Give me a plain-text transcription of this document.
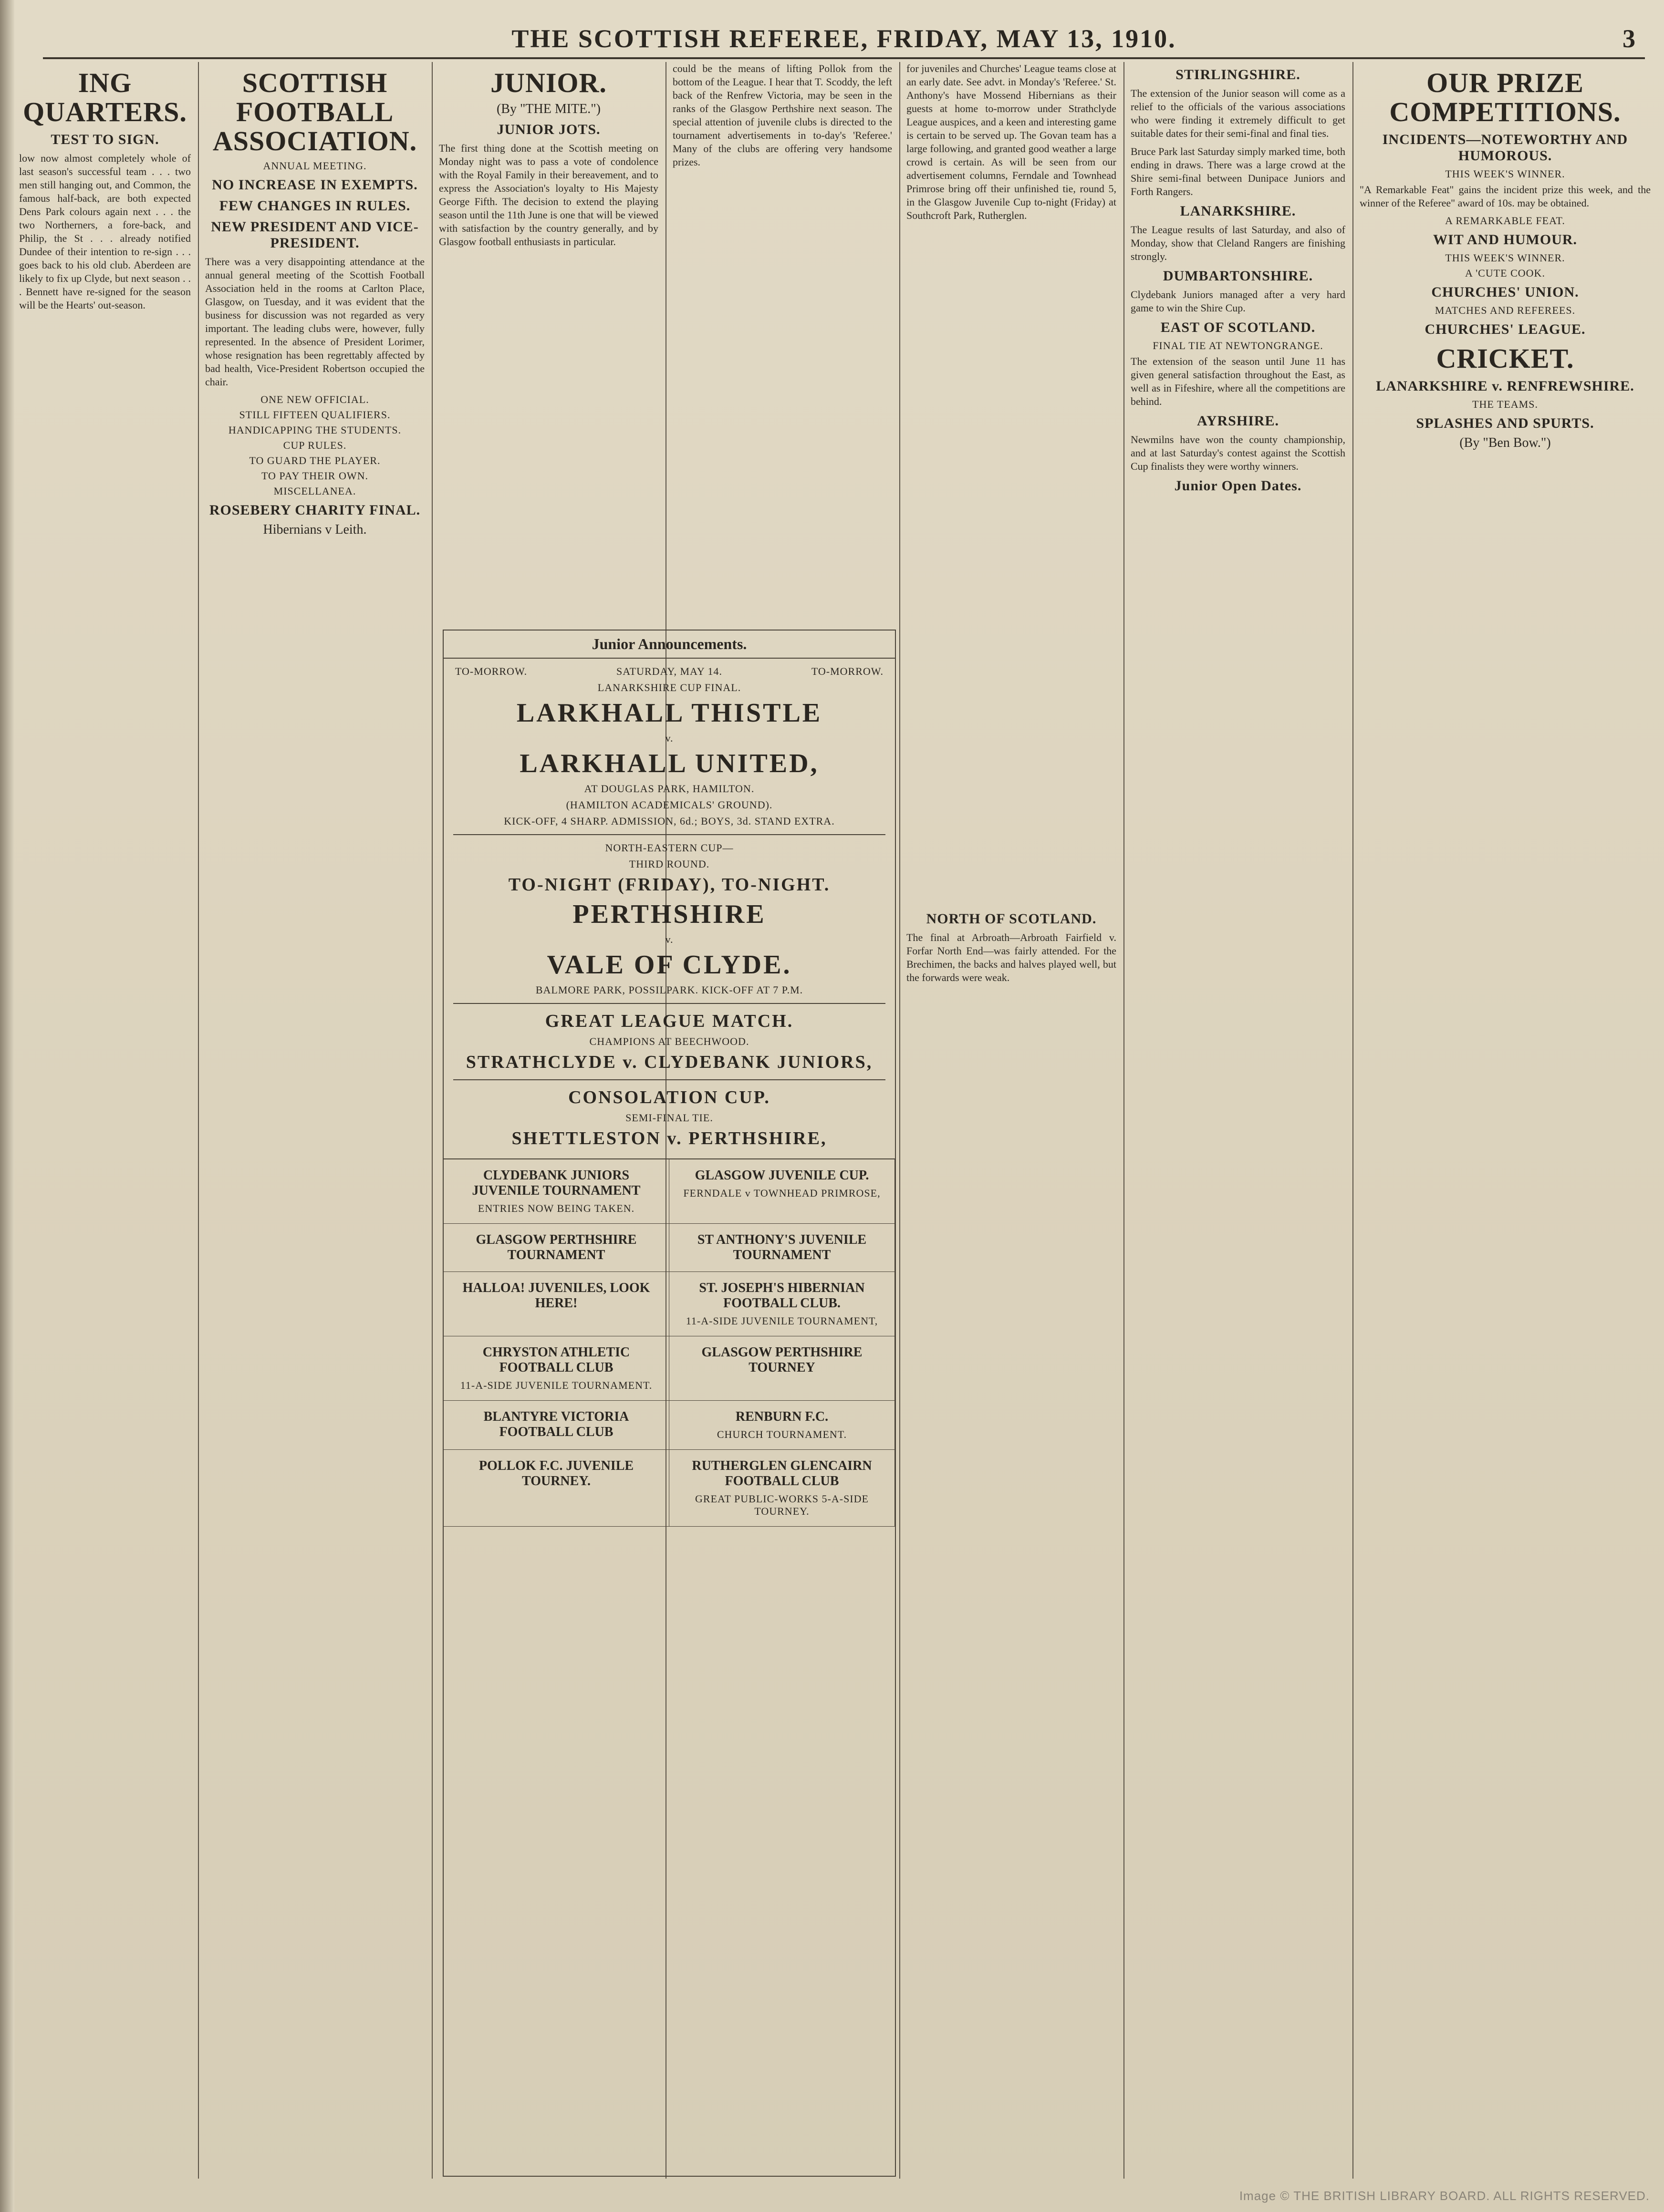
THE SCOTTISH REFEREE, FRIDAY, MAY 13, 1910.	3
ING QUARTERS.
TEST TO SIGN.

low now almost completely whole of last season's successful team . . . two men still hanging out, and Common, the famous half-back, are both expected Dens Park colours again next . . . the two Northerners, a fore-back, and Philip, the St . . . already notified Dundee of their intention to re-sign . . . goes back to his old club. Aberdeen are likely to fix up Clyde, but next season . . . Bennett have re-signed for the season will be the Hearts' out-season.

SCOTTISH FOOTBALL ASSOCIATION.
ANNUAL MEETING.
NO INCREASE IN EXEMPTS.
FEW CHANGES IN RULES.
NEW PRESIDENT AND VICE-PRESIDENT.

There was a very disappointing attendance at the annual general meeting of the Scottish Football Association held in the rooms at Carlton Place, Glasgow, on Tuesday, and it was evident that the business for discussion was not regarded as very important. The leading clubs were, however, fully represented. In the absence of President Lorimer, whose resignation has been regrettably affected by bad health, Vice-President Robertson occupied the chair.

ONE NEW OFFICIAL.
STILL FIFTEEN QUALIFIERS.
HANDICAPPING THE STUDENTS.
CUP RULES.
TO GUARD THE PLAYER.
TO PAY THEIR OWN.
MISCELLANEA.
ROSEBERY CHARITY FINAL.
Hibernians v Leith.
JUNIOR.
(By "THE MITE.")
JUNIOR JOTS.

The first thing done at the Scottish meeting on Monday night was to pass a vote of condolence with the Royal Family in their bereavement, and to express the Association's loyalty to His Majesty George Fifth. The decision to extend the playing season until the 11th June is one that will be viewed with satisfaction by the country generally, and by Glasgow football enthusiasts in particular.

could be the means of lifting Pollok from the bottom of the League. I hear that T. Scoddy, the left back of the Renfrew Victoria, may be seen in the ranks of the Glasgow Perthshire next season. The special attention of juvenile clubs is directed to the tournament advertisements in to-day's 'Referee.' Many of the clubs are offering very handsome prizes.

for juveniles and Churches' League teams close at an early date. See advt. in Monday's 'Referee.' St. Anthony's have Mossend Hibernians as their guests at home to-morrow under Strathclyde League auspices, and a keen and interesting game is certain to be served up. The Govan team has a large following, and granted good weather a large crowd is certain. As will be seen from our advertisement columns, Ferndale and Townhead Primrose bring off their unfinished tie, round 5, in the Glasgow Juvenile Cup to-night (Friday) at Southcroft Park, Rutherglen.

NORTH OF SCOTLAND.

The final at Arbroath—Arbroath Fairfield v. Forfar North End—was fairly attended. For the Brechimen, the backs and halves played well, but the forwards were weak.

STIRLINGSHIRE.

The extension of the Junior season will come as a relief to the officials of the various associations who were finding it extremely difficult to get suitable dates for their semi-final and final ties.

Bruce Park last Saturday simply marked time, both ending in draws. There was a large crowd at the Shire semi-final between Dunipace Juniors and Forth Rangers.

LANARKSHIRE.

The League results of last Saturday, and also of Monday, show that Cleland Rangers are finishing strongly.

DUMBARTONSHIRE.

Clydebank Juniors managed after a very hard game to win the Shire Cup.

EAST OF SCOTLAND.
FINAL TIE AT NEWTONGRANGE.

The extension of the season until June 11 has given general satisfaction throughout the East, as well as in Fifeshire, where all the competitions are behind.

AYRSHIRE.

Newmilns have won the county championship, and at last Saturday's contest against the Scottish Cup finalists they were worthy winners.

Junior Open Dates.
OUR PRIZE COMPETITIONS.
INCIDENTS—NOTEWORTHY AND HUMOROUS.
THIS WEEK'S WINNER.

"A Remarkable Feat" gains the incident prize this week, and the winner of the Referee" award of 10s. may be obtained.

A REMARKABLE FEAT.
WIT AND HUMOUR.
THIS WEEK'S WINNER.
A 'CUTE COOK.
CHURCHES' UNION.
MATCHES AND REFEREES.
CHURCHES' LEAGUE.
CRICKET.
LANARKSHIRE v. RENFREWSHIRE.
THE TEAMS.
SPLASHES AND SPURTS.
(By "Ben Bow.")
Junior Announcements.
TO-MORROW.	SATURDAY, MAY 14.	TO-MORROW.
LANARKSHIRE CUP FINAL.
LARKHALL THISTLE
v.
LARKHALL UNITED,
AT DOUGLAS PARK, HAMILTON.
(HAMILTON ACADEMICALS' GROUND).
KICK-OFF, 4 SHARP. ADMISSION, 6d.; BOYS, 3d. STAND EXTRA.
NORTH-EASTERN CUP—
THIRD ROUND.
TO-NIGHT (FRIDAY), TO-NIGHT.
PERTHSHIRE
v.
VALE OF CLYDE.
BALMORE PARK, POSSILPARK. KICK-OFF AT 7 P.M.
GREAT LEAGUE MATCH.
CHAMPIONS AT BEECHWOOD.
STRATHCLYDE v. CLYDEBANK JUNIORS,
CONSOLATION CUP.
SEMI-FINAL TIE.
SHETTLESTON v. PERTHSHIRE,
CLYDEBANK JUNIORS JUVENILE TOURNAMENT
ENTRIES NOW BEING TAKEN.
GLASGOW JUVENILE CUP.
FERNDALE v TOWNHEAD PRIMROSE,
GLASGOW PERTHSHIRE TOURNAMENT
ST ANTHONY'S JUVENILE TOURNAMENT
HALLOA! JUVENILES, LOOK HERE!
ST. JOSEPH'S HIBERNIAN FOOTBALL CLUB.
11-A-SIDE JUVENILE TOURNAMENT,
CHRYSTON ATHLETIC FOOTBALL CLUB
11-A-SIDE JUVENILE TOURNAMENT.
GLASGOW PERTHSHIRE TOURNEY
BLANTYRE VICTORIA FOOTBALL CLUB
RENBURN F.C.
CHURCH TOURNAMENT.
POLLOK F.C. JUVENILE TOURNEY.
RUTHERGLEN GLENCAIRN FOOTBALL CLUB
GREAT PUBLIC-WORKS 5-A-SIDE TOURNEY.
Image © THE BRITISH LIBRARY BOARD. ALL RIGHTS RESERVED.
